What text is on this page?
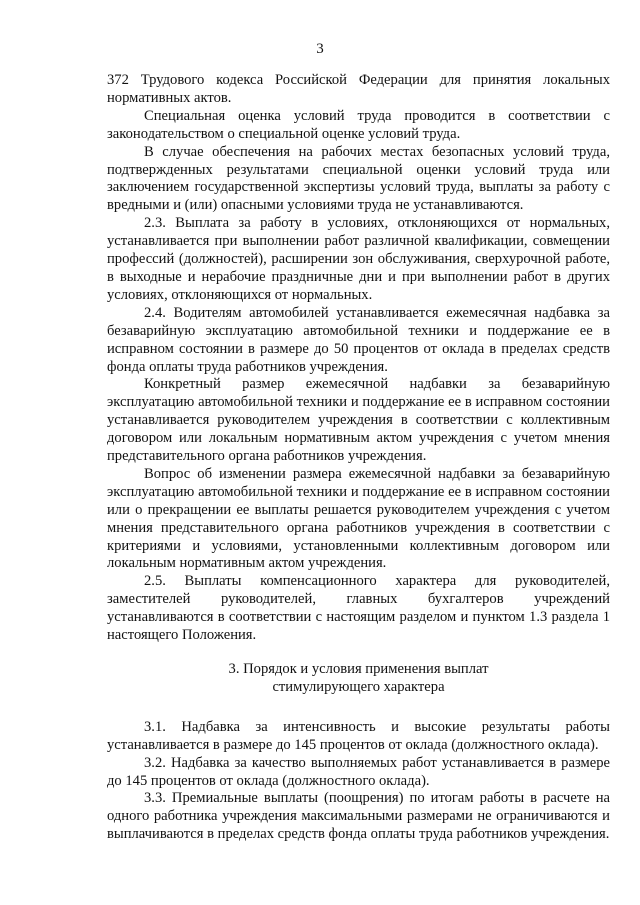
3

372 Трудового кодекса Российской Федерации для принятия локальных нормативных актов.

Специальная оценка условий труда проводится в соответствии с законодательством о специальной оценке условий труда.

В случае обеспечения на рабочих местах безопасных условий труда, подтвержденных результатами специальной оценки условий труда или заключением государственной экспертизы условий труда, выплаты за работу с вредными и (или) опасными условиями труда не устанавливаются.

2.3. Выплата за работу в условиях, отклоняющихся от нормальных, устанавливается при выполнении работ различной квалификации, совмещении профессий (должностей), расширении зон обслуживания, сверхурочной работе, в выходные и нерабочие праздничные дни и при выполнении работ в других условиях, отклоняющихся от нормальных.

2.4. Водителям автомобилей устанавливается ежемесячная надбавка за безаварийную эксплуатацию автомобильной техники и поддержание ее в исправном состоянии в размере до 50 процентов от оклада в пределах средств фонда оплаты труда работников учреждения.

Конкретный размер ежемесячной надбавки за безаварийную эксплуатацию автомобильной техники и поддержание ее в исправном состоянии устанавливается руководителем учреждения в соответствии с коллективным договором или локальным нормативным актом учреждения с учетом мнения представительного органа работников учреждения.

Вопрос об изменении размера ежемесячной надбавки за безаварийную эксплуатацию автомобильной техники и поддержание ее в исправном состоянии или о прекращении ее выплаты решается руководителем учреждения с учетом мнения представительного органа работников учреждения в соответствии с критериями и условиями, установленными коллективным договором или локальным нормативным актом учреждения.

2.5. Выплаты компенсационного характера для руководителей, заместителей руководителей, главных бухгалтеров учреждений устанавливаются в соответствии с настоящим разделом и пунктом 1.3 раздела 1 настоящего Положения.

3. Порядок и условия применения выплат
стимулирующего характера

3.1. Надбавка за интенсивность и высокие результаты работы устанавливается в размере до 145 процентов от оклада (должностного оклада).

3.2. Надбавка за качество выполняемых работ устанавливается в размере до 145 процентов от оклада (должностного оклада).

3.3. Премиальные выплаты (поощрения) по итогам работы в расчете на одного работника учреждения максимальными размерами не ограничиваются и выплачиваются в пределах средств фонда оплаты труда работников учреждения.
